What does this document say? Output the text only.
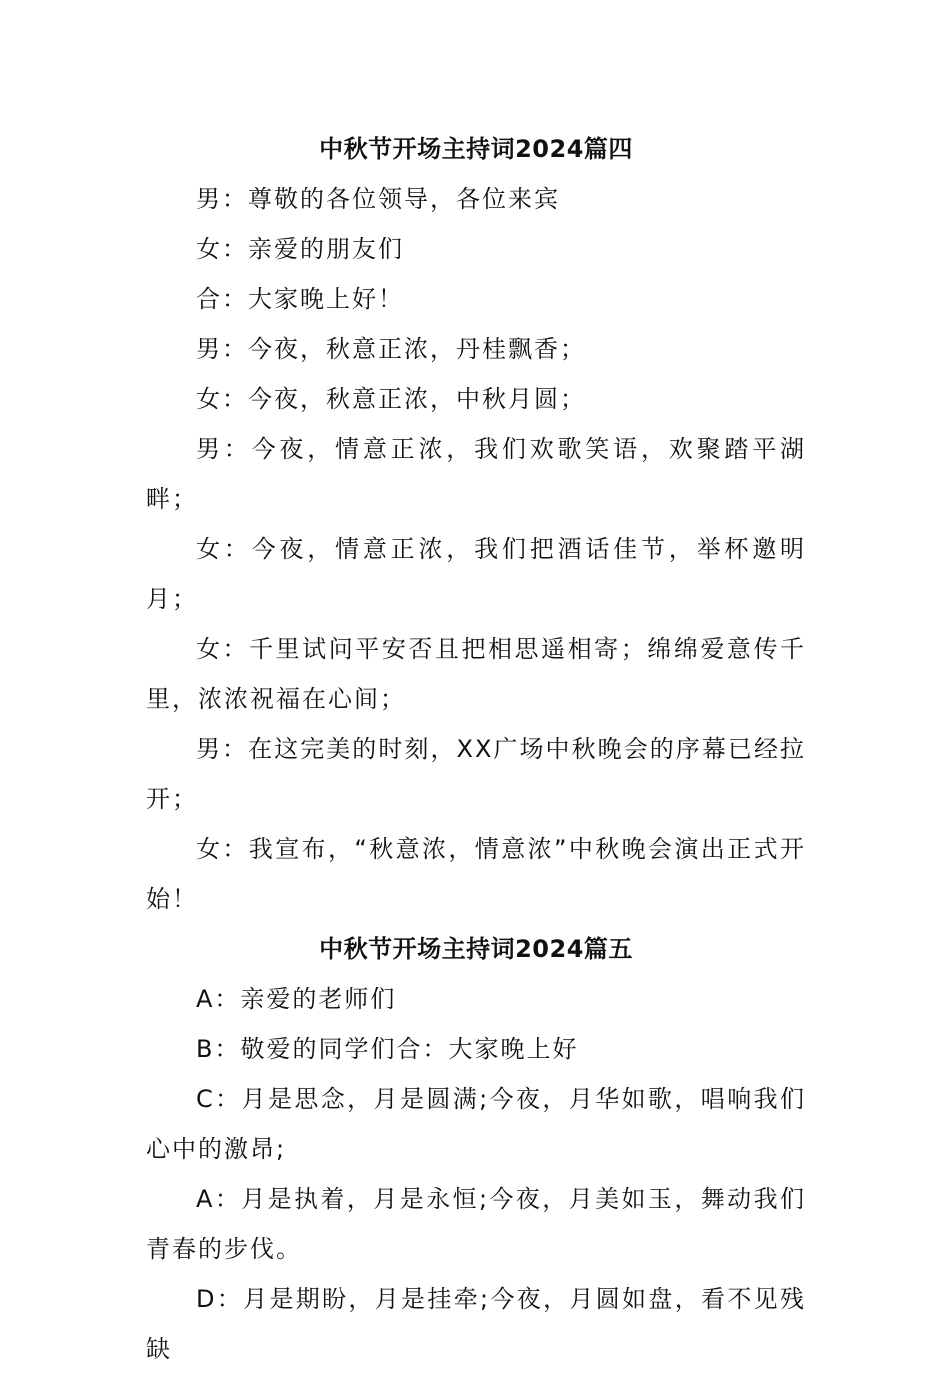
中秋节开场主持词2024篇四

男：尊敬的各位领导，各位来宾

女：亲爱的朋友们

合：大家晚上好！

男：今夜，秋意正浓，丹桂飘香；

女：今夜，秋意正浓，中秋月圆；

男：今夜，情意正浓，我们欢歌笑语，欢聚踏平湖畔；

女：今夜，情意正浓，我们把酒话佳节，举杯邀明月；

女：千里试问平安否且把相思遥相寄；绵绵爱意传千里，浓浓祝福在心间；

男：在这完美的时刻，XX广场中秋晚会的序幕已经拉开；

女：我宣布，“秋意浓，情意浓”中秋晚会演出正式开始！

中秋节开场主持词2024篇五

A：亲爱的老师们

B：敬爱的同学们合：大家晚上好

C：月是思念，月是圆满;今夜，月华如歌，唱响我们心中的激昂;

A：月是执着，月是永恒;今夜，月美如玉，舞动我们青春的步伐。

D：月是期盼，月是挂牵;今夜，月圆如盘，看不见残缺
